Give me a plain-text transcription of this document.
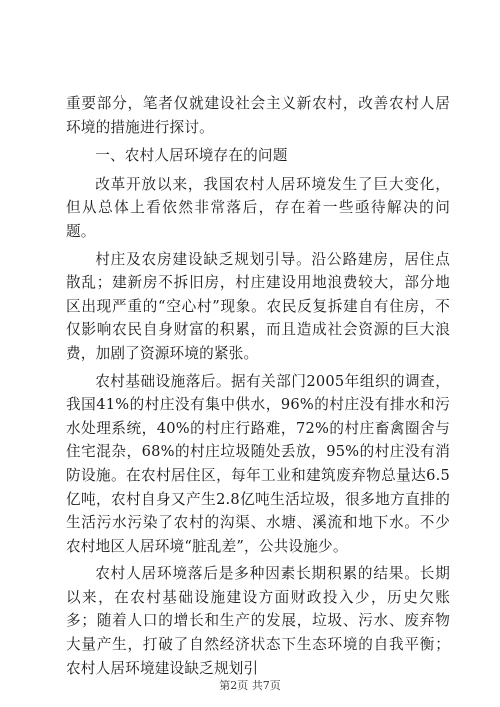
重要部分，笔者仅就建设社会主义新农村，改善农村人居环境的措施进行探讨。

一、农村人居环境存在的问题

改革开放以来，我国农村人居环境发生了巨大变化，但从总体上看依然非常落后，存在着一些亟待解决的问题。

村庄及农房建设缺乏规划引导。沿公路建房，居住点散乱；建新房不拆旧房，村庄建设用地浪费较大，部分地区出现严重的“空心村”现象。农民反复拆建自有住房，不仅影响农民自身财富的积累，而且造成社会资源的巨大浪费，加剧了资源环境的紧张。

农村基础设施落后。据有关部门2005年组织的调查，我国41%的村庄没有集中供水，96%的村庄没有排水和污水处理系统，40%的村庄行路难，72%的村庄畜禽圈舍与住宅混杂，68%的村庄垃圾随处丢放，95%的村庄没有消防设施。在农村居住区，每年工业和建筑废弃物总量达6.5亿吨，农村自身又产生2.8亿吨生活垃圾，很多地方直排的生活污水污染了农村的沟渠、水塘、溪流和地下水。不少农村地区人居环境“脏乱差”，公共设施少。

农村人居环境落后是多种因素长期积累的结果。长期以来，在农村基础设施建设方面财政投入少，历史欠账多；随着人口的增长和生产的发展，垃圾、污水、废弃物大量产生，打破了自然经济状态下生态环境的自我平衡；农村人居环境建设缺乏规划引

第2页 共7页
